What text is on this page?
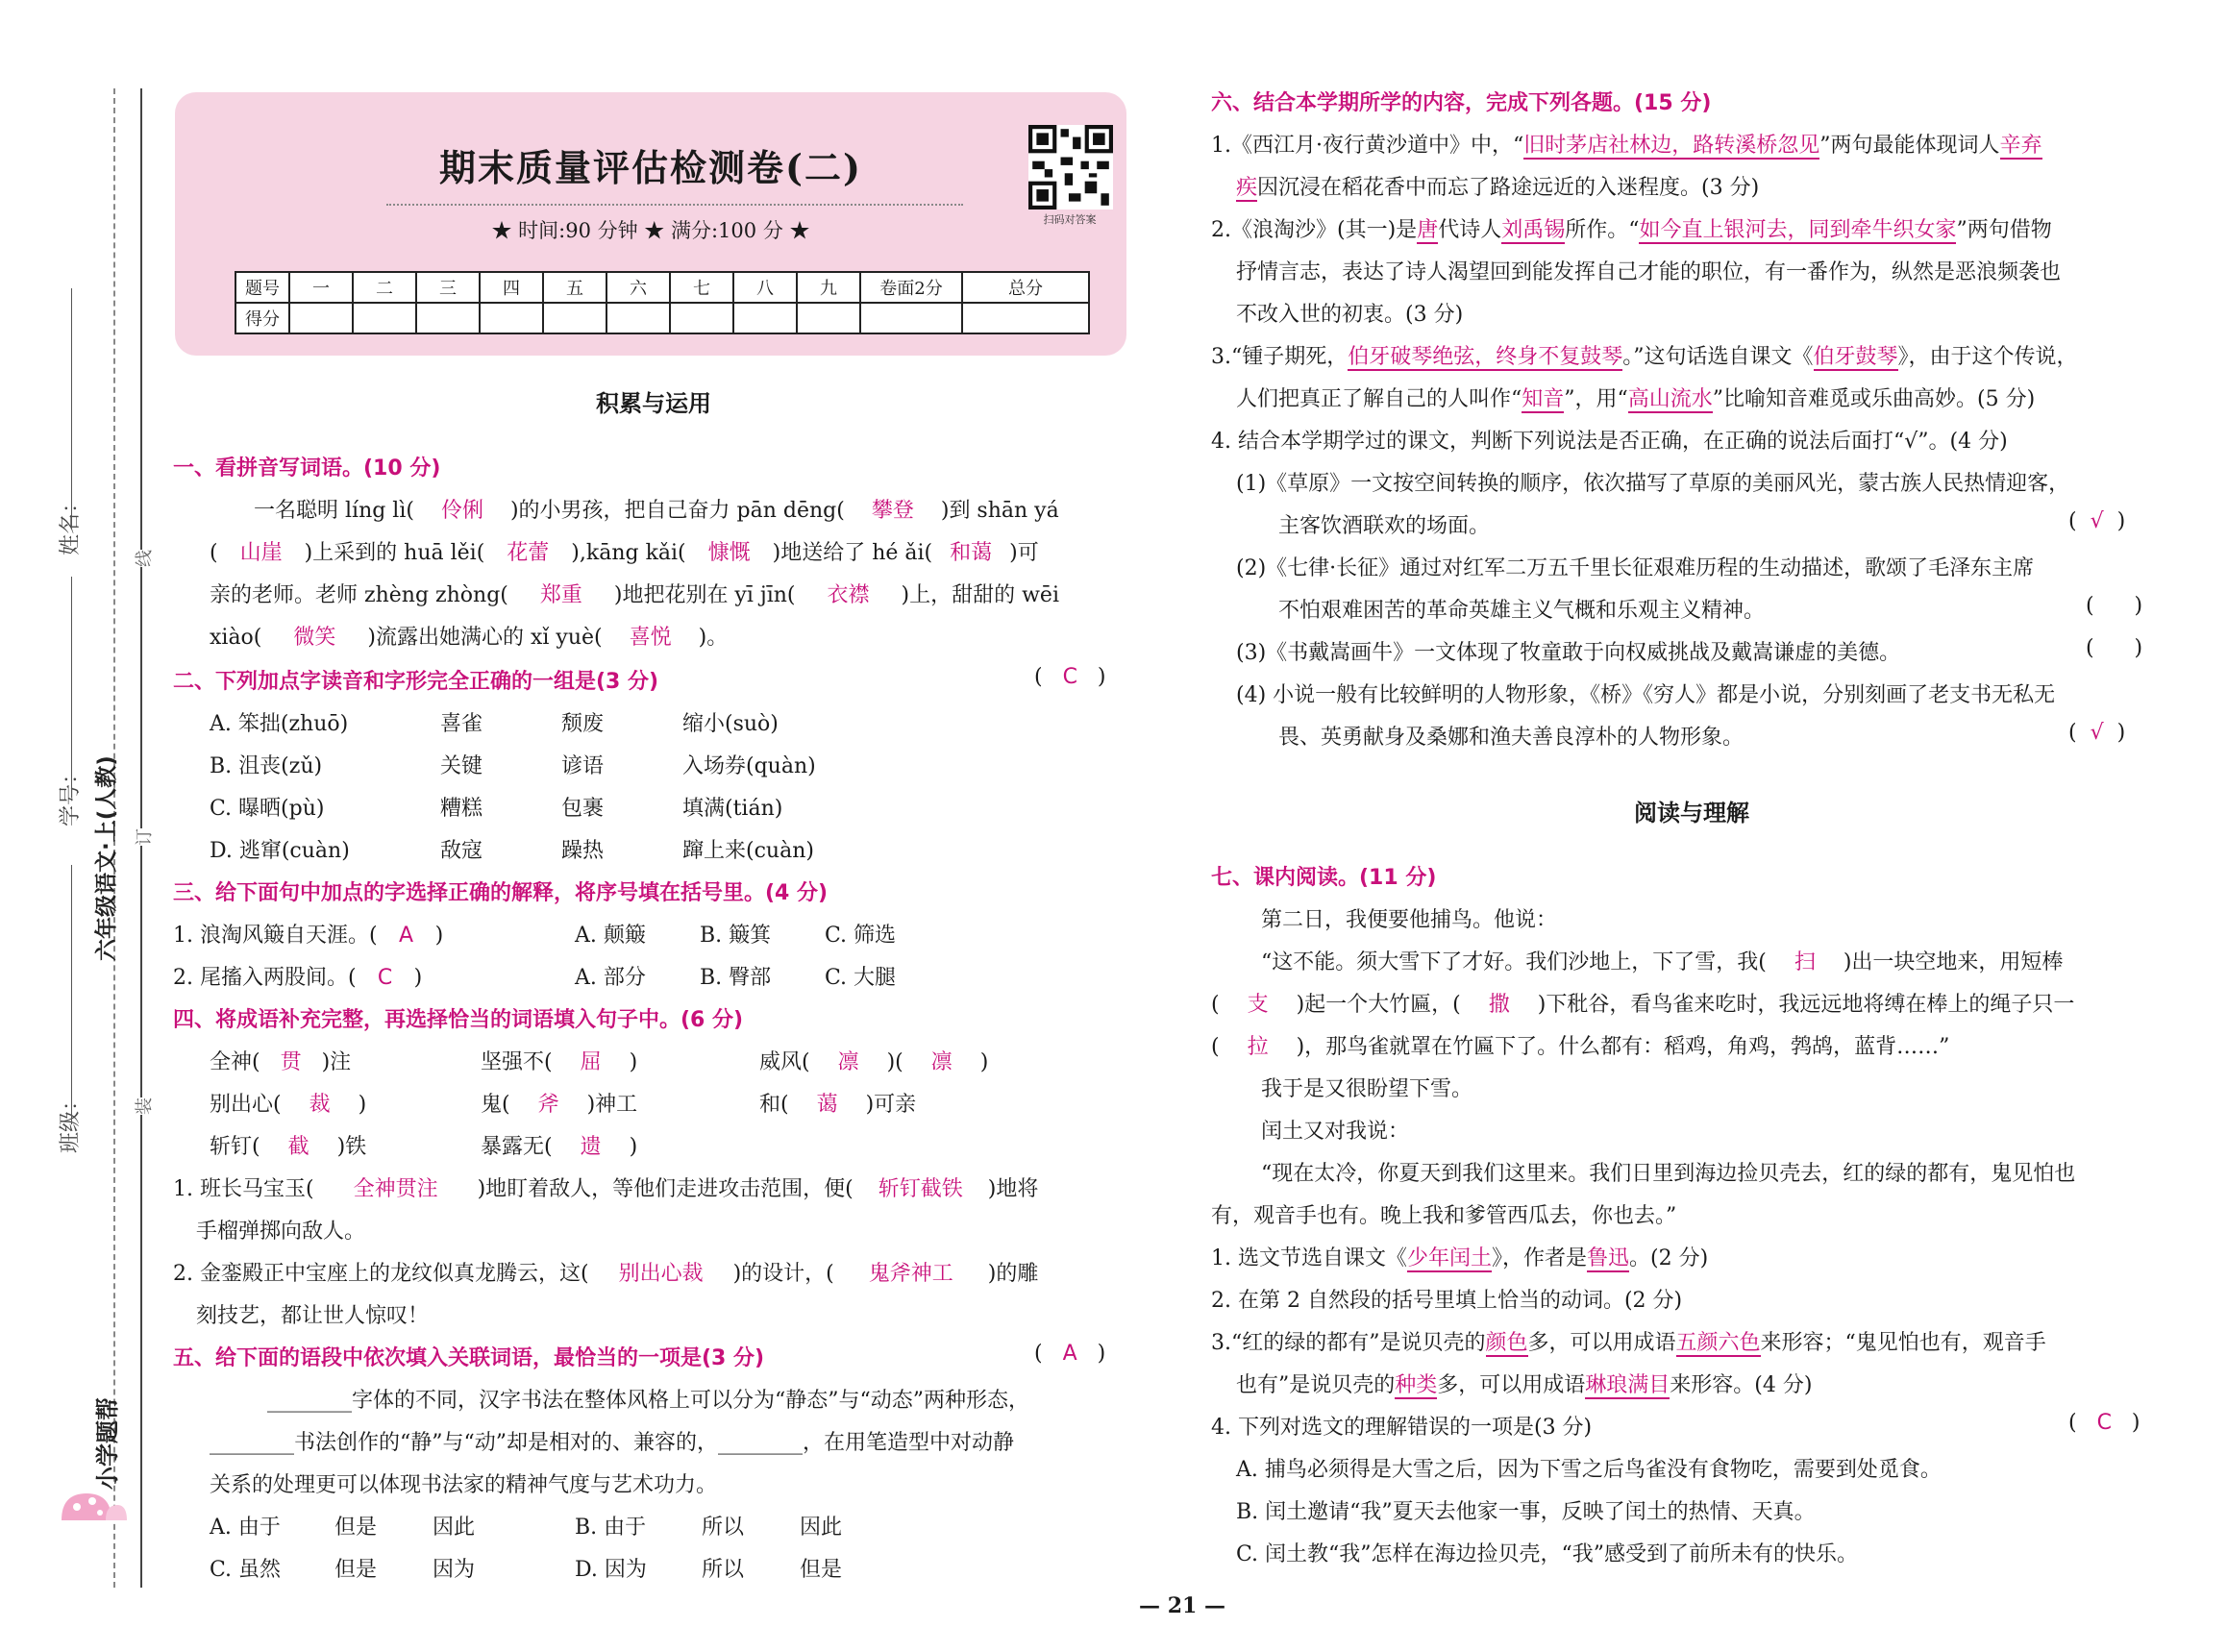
姓名：
学号：
班级：
六年级语文·上(人教)
小学题帮
线
订
装
期末质量评估检测卷(二)
★ 时间:90 分钟 ★ 满分:100 分 ★	扫码对答案
题号	一	二	三	四	五	六	七	八	九	卷面2分	总分
得分											
积累与运用
一、看拼音写词语。(10 分)
一名聪明 líng lì( 伶俐 )的小男孩，把自己奋力 pān dēng( 攀登 )到 shān yá
( 山崖 )上采到的 huā lěi( 花蕾 ),kāng kǎi( 慷慨 )地送给了 hé ǎi( 和蔼 )可
亲的老师。老师 zhèng zhòng( 郑重 )地把花别在 yī jīn( 衣襟 )上，甜甜的 wēi
xiào( 微笑 )流露出她满心的 xǐ yuè( 喜悦 )。
二、下列加点字读音和字形完全正确的一组是(3 分)	(   C   )
A. 笨拙(zhuō)	喜雀	颓废	缩小(suò)
B. 沮丧(zǔ)	关键	谚语	入场券(quàn)
C. 曝晒(pù)	糟糕	包裹	填满(tián)
D. 逃窜(cuàn)	敌寇	躁热	蹿上来(cuàn)
三、给下面句中加点的字选择正确的解释，将序号填在括号里。(4 分)
1. 浪淘风簸自天涯。( A )	A. 颠簸	B. 簸箕	C. 筛选
2. 尾搐入两股间。( C )	A. 部分	B. 臀部	C. 大腿
四、将成语补充完整，再选择恰当的词语填入句子中。(6 分)
全神( 贯 )注	坚强不( 屈 )	威风( 凛 )( 凛 )
别出心( 裁 )	鬼( 斧 )神工	和( 蔼 )可亲
斩钉( 截 )铁	暴露无( 遗 )
1. 班长马宝玉( 全神贯注 )地盯着敌人，等他们走进攻击范围，便( 斩钉截铁 )地将
手榴弹掷向敌人。
2. 金銮殿正中宝座上的龙纹似真龙腾云，这( 别出心裁 )的设计，( 鬼斧神工 )的雕
刻技艺，都让世人惊叹！
五、给下面的语段中依次填入关联词语，最恰当的一项是(3 分)	(   A   )
________字体的不同，汉字书法在整体风格上可以分为“静态”与“动态”两种形态，
________书法创作的“静”与“动”却是相对的、兼容的，________，在用笔造型中对动静
关系的处理更可以体现书法家的精神气度与艺术功力。
A. 由于	但是	因此	B. 由于	所以	因此
C. 虽然	但是	因为	D. 因为	所以	但是
六、结合本学期所学的内容，完成下列各题。(15 分)
1.《西江月·夜行黄沙道中》中，“旧时茅店社林边，路转溪桥忽见”两句最能体现词人辛弃
疾因沉浸在稻花香中而忘了路途远近的入迷程度。(3 分)
2.《浪淘沙》(其一)是唐代诗人刘禹锡所作。“如今直上银河去，同到牵牛织女家”两句借物
抒情言志，表达了诗人渴望回到能发挥自己才能的职位，有一番作为，纵然是恶浪频袭也
不改入世的初衷。(3 分)
3.“锺子期死，伯牙破琴绝弦，终身不复鼓琴。”这句话选自课文《伯牙鼓琴》，由于这个传说，
人们把真正了解自己的人叫作“知音”，用“高山流水”比喻知音难觅或乐曲高妙。(5 分)
4. 结合本学期学过的课文，判断下列说法是否正确，在正确的说法后面打“√”。(4 分)
(1)《草原》一文按空间转换的顺序，依次描写了草原的美丽风光，蒙古族人民热情迎客，
主客饮酒联欢的场面。	(  √  )
(2)《七律·长征》通过对红军二万五千里长征艰难历程的生动描述，歌颂了毛泽东主席
不怕艰难困苦的革命英雄主义气概和乐观主义精神。	(      )
(3)《书戴嵩画牛》一文体现了牧童敢于向权威挑战及戴嵩谦虚的美德。	(      )
(4) 小说一般有比较鲜明的人物形象，《桥》《穷人》都是小说，分别刻画了老支书无私无
畏、英勇献身及桑娜和渔夫善良淳朴的人物形象。	(  √  )
阅读与理解
七、课内阅读。(11 分)
第二日，我便要他捕鸟。他说：
“这不能。须大雪下了才好。我们沙地上，下了雪，我( 扫 )出一块空地来，用短棒
( 支 )起一个大竹匾，( 撒 )下秕谷，看鸟雀来吃时，我远远地将缚在棒上的绳子只一
( 拉 )，那鸟雀就罩在竹匾下了。什么都有：稻鸡，角鸡，鹁鸪，蓝背……”
我于是又很盼望下雪。
闰土又对我说：
“现在太冷，你夏天到我们这里来。我们日里到海边捡贝壳去，红的绿的都有，鬼见怕也
有，观音手也有。晚上我和爹管西瓜去，你也去。”
1. 选文节选自课文《少年闰土》，作者是鲁迅。(2 分)
2. 在第 2 自然段的括号里填上恰当的动词。(2 分)
3.“红的绿的都有”是说贝壳的颜色多，可以用成语五颜六色来形容；“鬼见怕也有，观音手
也有”是说贝壳的种类多，可以用成语琳琅满目来形容。(4 分)
4. 下列对选文的理解错误的一项是(3 分)	(   C   )
A. 捕鸟必须得是大雪之后，因为下雪之后鸟雀没有食物吃，需要到处觅食。
B. 闰土邀请“我”夏天去他家一事，反映了闰土的热情、天真。
C. 闰土教“我”怎样在海边捡贝壳，“我”感受到了前所未有的快乐。
— 21 —
